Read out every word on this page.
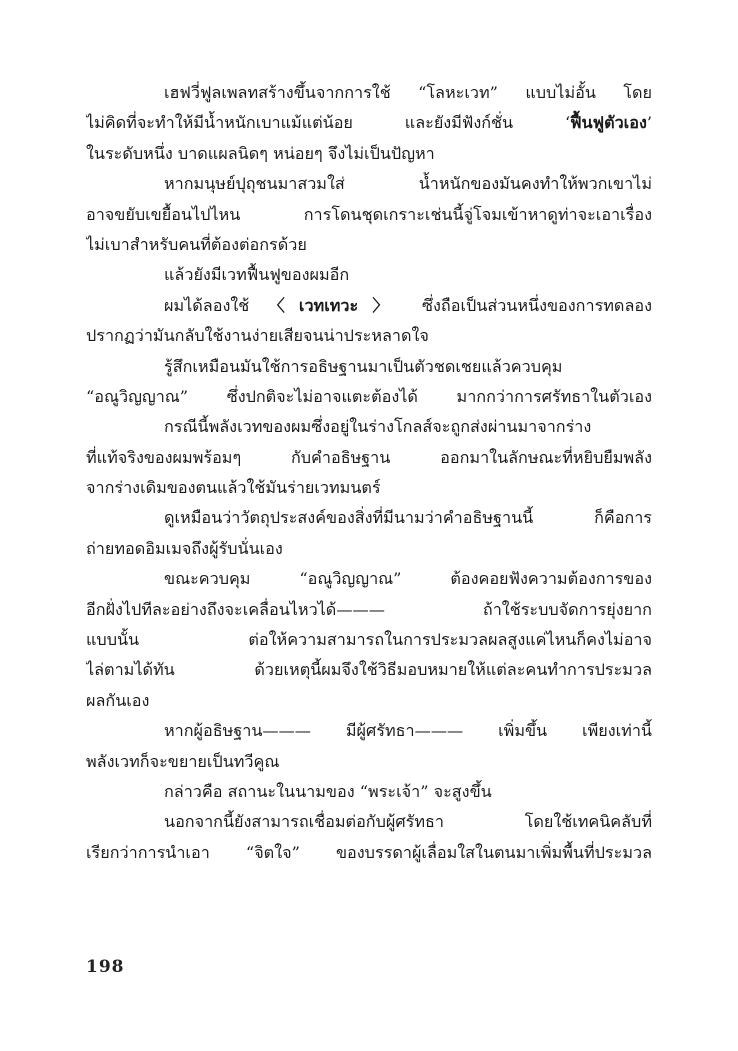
เฮฟวี่ฟูลเพลทสร้างขึ้นจากการใช้ “โลหะเวท” แบบไม่อั้น โดย
ไม่คิดที่จะทำให้มีน้ำหนักเบาแม้แต่น้อย และยังมีฟังก์ชั่น ‘ฟื้นฟูตัวเอง’
ในระดับหนึ่ง บาดแผลนิดๆ หน่อยๆ จึงไม่เป็นปัญหา
หากมนุษย์ปุถุชนมาสวมใส่ น้ำหนักของมันคงทำให้พวกเขาไม่
อาจขยับเขยื้อนไปไหน การโดนชุดเกราะเช่นนี้จู่โจมเข้าหาดูท่าจะเอาเรื่อง
ไม่เบาสำหรับคนที่ต้องต่อกรด้วย
แล้วยังมีเวทฟื้นฟูของผมอีก
ผมได้ลองใช้ 〈เวทเทวะ〉 ซึ่งถือเป็นส่วนหนึ่งของการทดลอง
ปรากฏว่ามันกลับใช้งานง่ายเสียจนน่าประหลาดใจ
รู้สึกเหมือนมันใช้การอธิษฐานมาเป็นตัวชดเชยแล้วควบคุม
“อณูวิญญาณ” ซึ่งปกติจะไม่อาจแตะต้องได้ มากกว่าการศรัทธาในตัวเอง
กรณีนี้พลังเวทของผมซึ่งอยู่ในร่างโกลส์จะถูกส่งผ่านมาจากร่าง
ที่แท้จริงของผมพร้อมๆ กับคำอธิษฐาน ออกมาในลักษณะที่หยิบยืมพลัง
จากร่างเดิมของตนแล้วใช้มันร่ายเวทมนตร์
ดูเหมือนว่าวัตถุประสงค์ของสิ่งที่มีนามว่าคำอธิษฐานนี้ ก็คือการ
ถ่ายทอดอิมเมจถึงผู้รับนั่นเอง
ขณะควบคุม “อณูวิญญาณ” ต้องคอยฟังความต้องการของ
อีกฝั่งไปทีละอย่างถึงจะเคลื่อนไหวได้——— ถ้าใช้ระบบจัดการยุ่งยาก
แบบนั้น ต่อให้ความสามารถในการประมวลผลสูงแค่ไหนก็คงไม่อาจ
ไล่ตามได้ทัน ด้วยเหตุนี้ผมจึงใช้วิธีมอบหมายให้แต่ละคนทำการประมวล
ผลกันเอง
หากผู้อธิษฐาน——— มีผู้ศรัทธา——— เพิ่มขึ้น เพียงเท่านี้
พลังเวทก็จะขยายเป็นทวีคูณ
กล่าวคือ สถานะในนามของ “พระเจ้า” จะสูงขึ้น
นอกจากนี้ยังสามารถเชื่อมต่อกับผู้ศรัทธา โดยใช้เทคนิคลับที่
เรียกว่าการนำเอา “จิตใจ” ของบรรดาผู้เลื่อมใสในตนมาเพิ่มพื้นที่ประมวล
198
